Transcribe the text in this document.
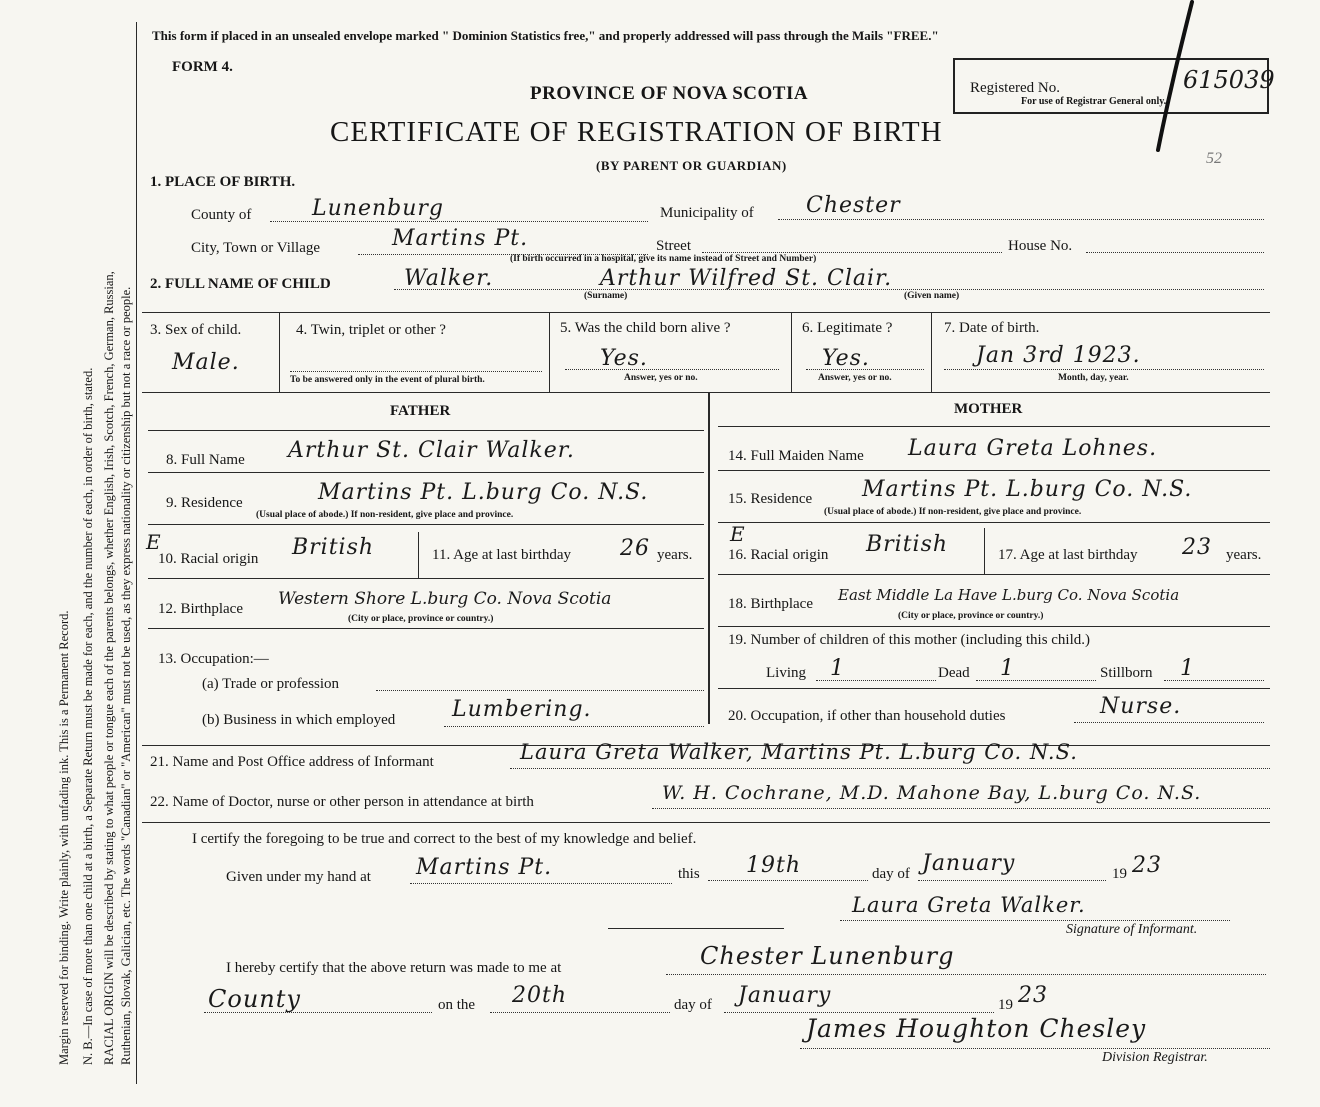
Margin reserved for binding. Write plainly, with unfading ink. This is a Permanent Record. N. B.—In case of more than one child at a birth, a Separate Return must be made for each, and the number of each, in order of birth, stated. RACIAL ORIGIN will be described by stating to what people or tongue each of the parents belongs, whether English, Irish, Scotch, French, German, Russian, Ruthenian, Slovak, Galician, etc. The words "Canadian" or "American" must not be used, as they express nationality or citizenship but not a race or people.
This form if placed in an unsealed envelope marked " Dominion Statistics free," and properly addressed will pass through the Mails "FREE."
FORM 4.
PROVINCE OF NOVA SCOTIA
CERTIFICATE OF REGISTRATION OF BIRTH
(BY PARENT OR GUARDIAN)
Registered No.
For use of Registrar General only.
615039
52
1. PLACE OF BIRTH.
County of	Lunenburg	Municipality of Chester
City, Town or Village	Martins Pt.	Street
(If birth occurred in a hospital, give its name instead of Street and Number)
House No.
2. FULL NAME OF CHILD	Walker.
(Surname)
Arthur Wilfred St. Clair.
(Given name)
3. Sex of child.
Male.
4. Twin, triplet or other ?
To be answered only in the event of plural birth.
5. Was the child born alive ?
Yes.
Answer, yes or no.
6. Legitimate ?
Yes.
Answer, yes or no.
7. Date of birth.
Jan 3rd 1923.
Month, day, year.
FATHER	MOTHER
8. Full Name Arthur St. Clair Walker.
9. Residence	Martins Pt. L.burg Co. N.S.
(Usual place of abode.) If non-resident, give place and province.
E
10. Racial origin British	11. Age at last birthday 26 years.
12. Birthplace Western Shore L.burg Co. Nova Scotia
(City or place, province or country.)
13. Occupation:—
(a) Trade or profession
(b) Business in which employed	Lumbering.
14. Full Maiden Name Laura Greta Lohnes.
15. Residence Martins Pt. L.burg Co. N.S.
(Usual place of abode.) If non-resident, give place and province.
E
16. Racial origin British	17. Age at last birthday 23 years.
18. Birthplace East Middle La Have L.burg Co. Nova Scotia
(City or place, province or country.)
19. Number of children of this mother (including this child.)
Living 1	Dead 1	Stillborn 1
20. Occupation, if other than household duties	Nurse.
21. Name and Post Office address of Informant	Laura Greta Walker, Martins Pt. L.burg Co. N.S.
22. Name of Doctor, nurse or other person in attendance at birth	W. H. Cochrane, M.D. Mahone Bay, L.burg Co. N.S.
I certify the foregoing to be true and correct to the best of my knowledge and belief.
Given under my hand at Martins Pt.	this 19th	day of January	19 23
Laura Greta Walker.
Signature of Informant.
I hereby certify that the above return was made to me at	Chester Lunenburg
County	on the 20th	day of January	19 23
James Houghton Chesley
Division Registrar.
